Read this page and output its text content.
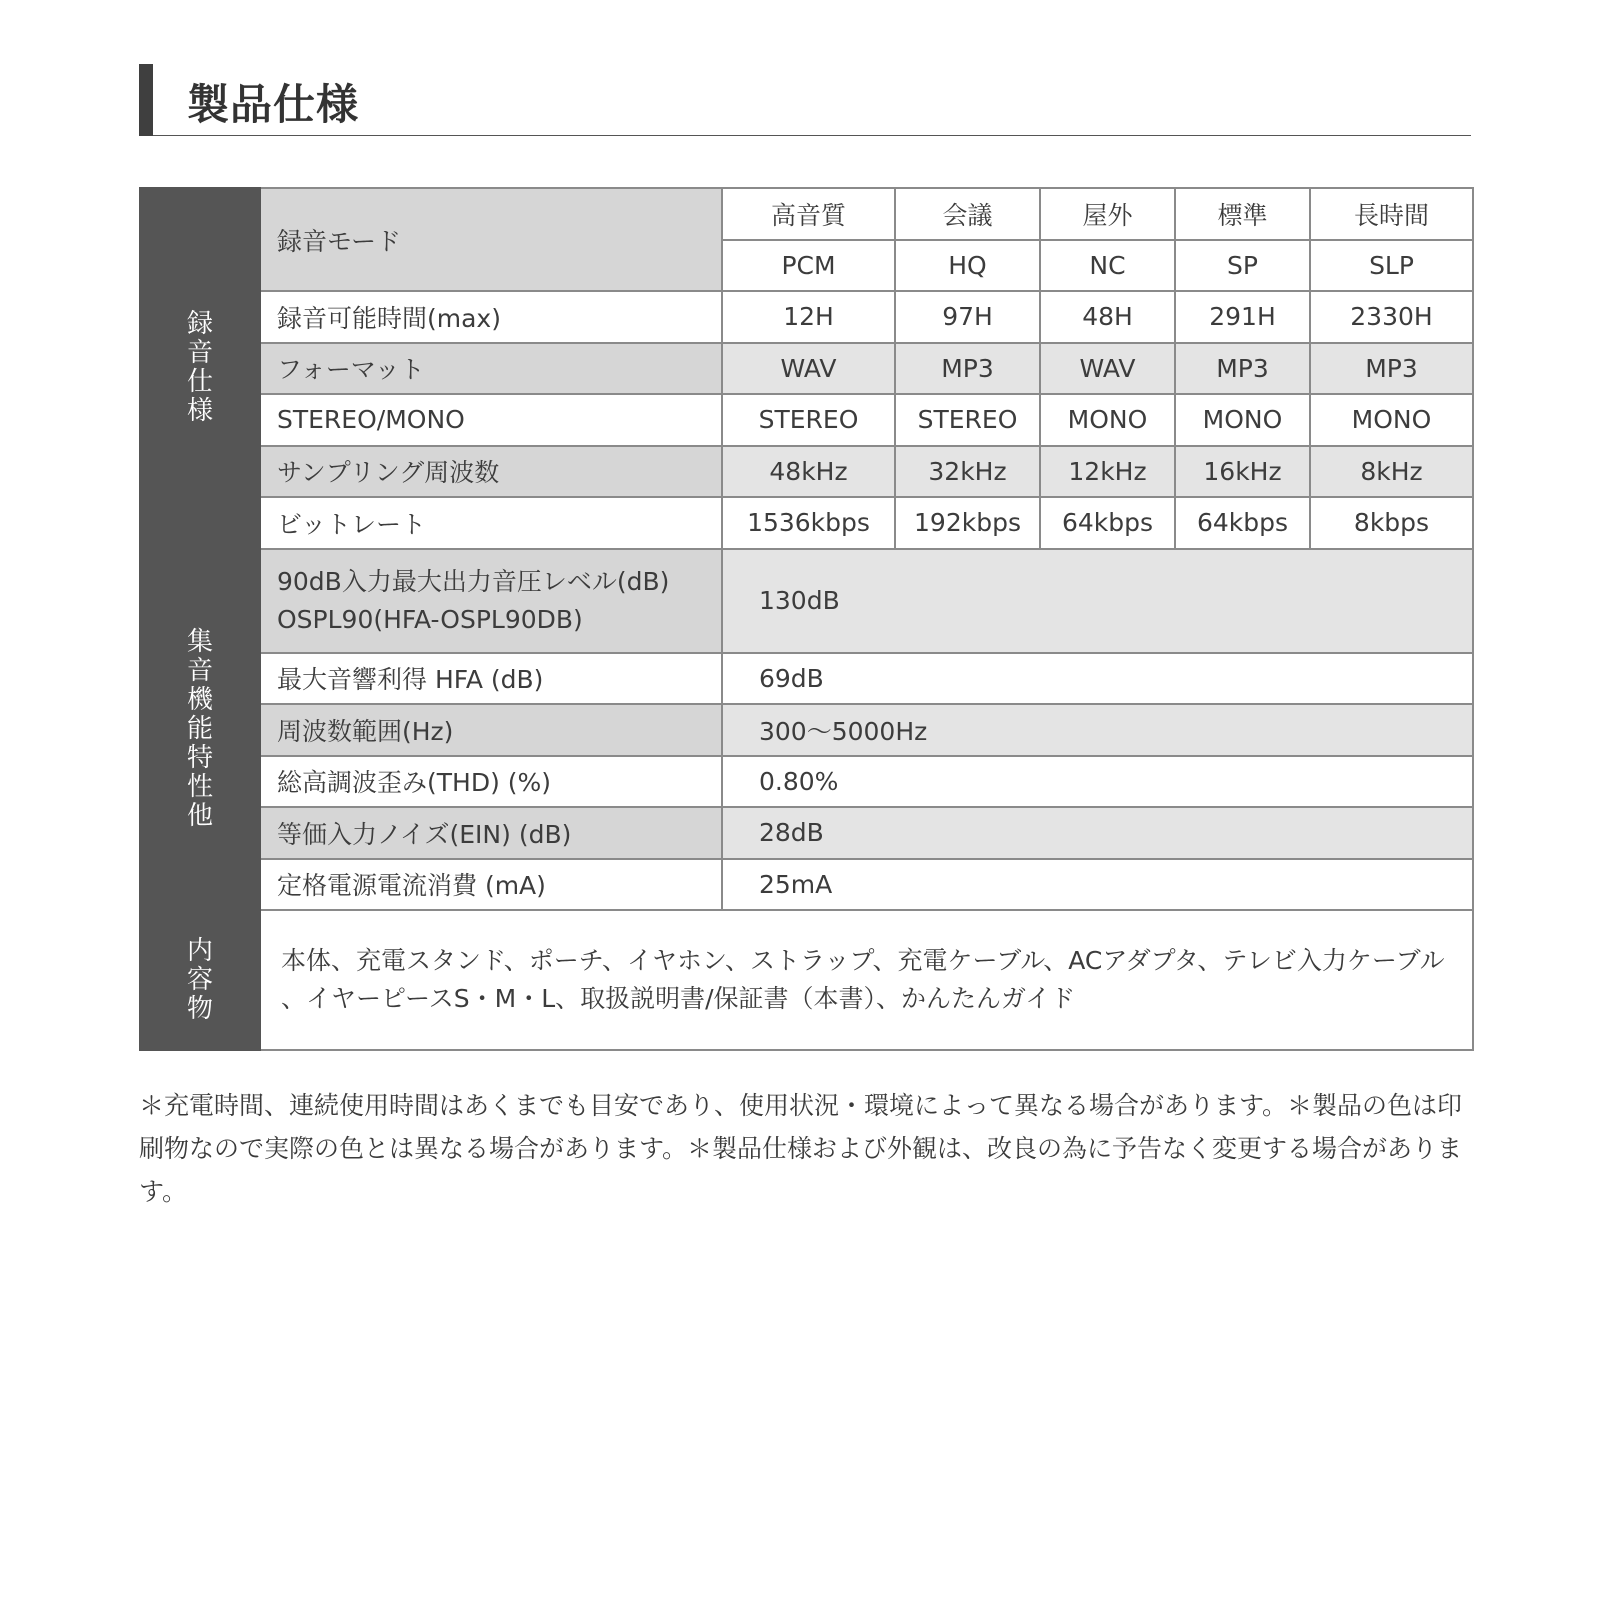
製品仕様
録音仕様	録音モード	高音質	会議	屋外	標準	長時間
		PCM	HQ	NC	SP	SLP
	録音可能時間(max)	12H	97H	48H	291H	2330H
	フォーマット	WAV	MP3	WAV	MP3	MP3
	STEREO/MONO	STEREO	STEREO	MONO	MONO	MONO
	サンプリング周波数	48kHz	32kHz	12kHz	16kHz	8kHz
	ビットレート	1536kbps	192kbps	64kbps	64kbps	8kbps
集音機能特性他	90dB入力最大出力音圧レベル(dB)
OSPL90(HFA-OSPL90DB)	130dB				
	最大音響利得 HFA (dB)	69dB				
	周波数範囲(Hz)	300〜5000Hz				
	総高調波歪み(THD) (%)	0.80%				
	等価入力ノイズ(EIN) (dB)	28dB				
	定格電源電流消費 (mA)	25mA				
内容物	本体、充電スタンド、ポーチ、イヤホン、ストラップ、充電ケーブル、ACアダプタ、テレビ入力ケーブル
、イヤーピースS・M・L、取扱説明書/保証書（本書）、かんたんガイド					
＊充電時間、連続使用時間はあくまでも目安であり、使用状況・環境によって異なる場合があります。＊製品の色は印刷物なので実際の色とは異なる場合があります。＊製品仕様および外観は、改良の為に予告なく変更する場合があります。
